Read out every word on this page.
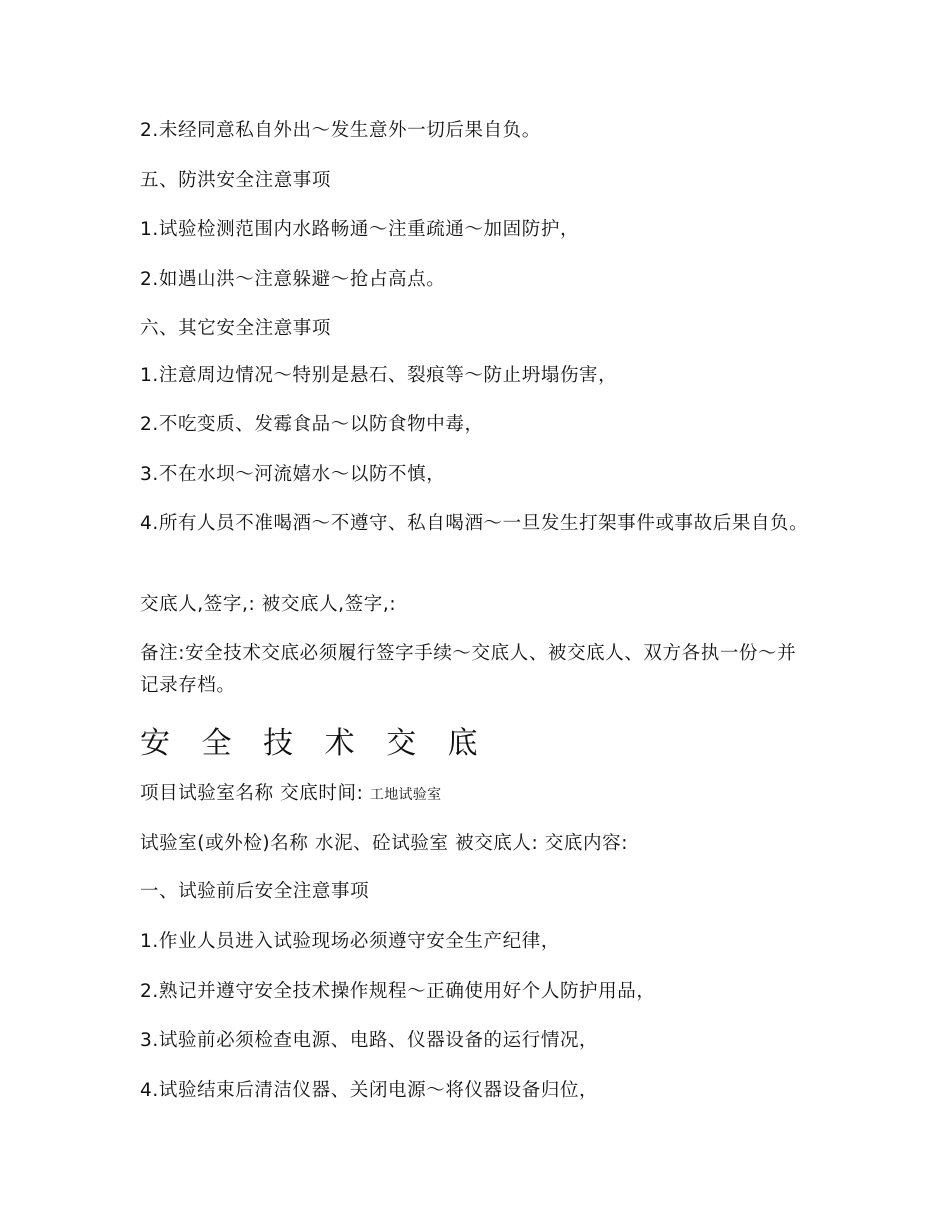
2.未经同意私自外出～发生意外一切后果自负。

五、防洪安全注意事项

1.试验检测范围内水路畅通～注重疏通～加固防护，

2.如遇山洪～注意躲避～抢占高点。

六、其它安全注意事项

1.注意周边情况～特别是悬石、裂痕等～防止坍塌伤害，

2.不吃变质、发霉食品～以防食物中毒，

3.不在水坝～河流嬉水～以防不慎，

4.所有人员不准喝酒～不遵守、私自喝酒～一旦发生打架事件或事故后果自负。

交底人,签字,: 被交底人,签字,:

备注:安全技术交底必须履行签字手续～交底人、被交底人、双方各执一份～并记录存档。

安 全 技 术 交 底

项目试验室名称 交底时间: 工地试验室

试验室(或外检)名称 水泥、砼试验室 被交底人: 交底内容:

一、试验前后安全注意事项

1.作业人员进入试验现场必须遵守安全生产纪律，

2.熟记并遵守安全技术操作规程～正确使用好个人防护用品，

3.试验前必须检查电源、电路、仪器设备的运行情况，

4.试验结束后清洁仪器、关闭电源～将仪器设备归位，
